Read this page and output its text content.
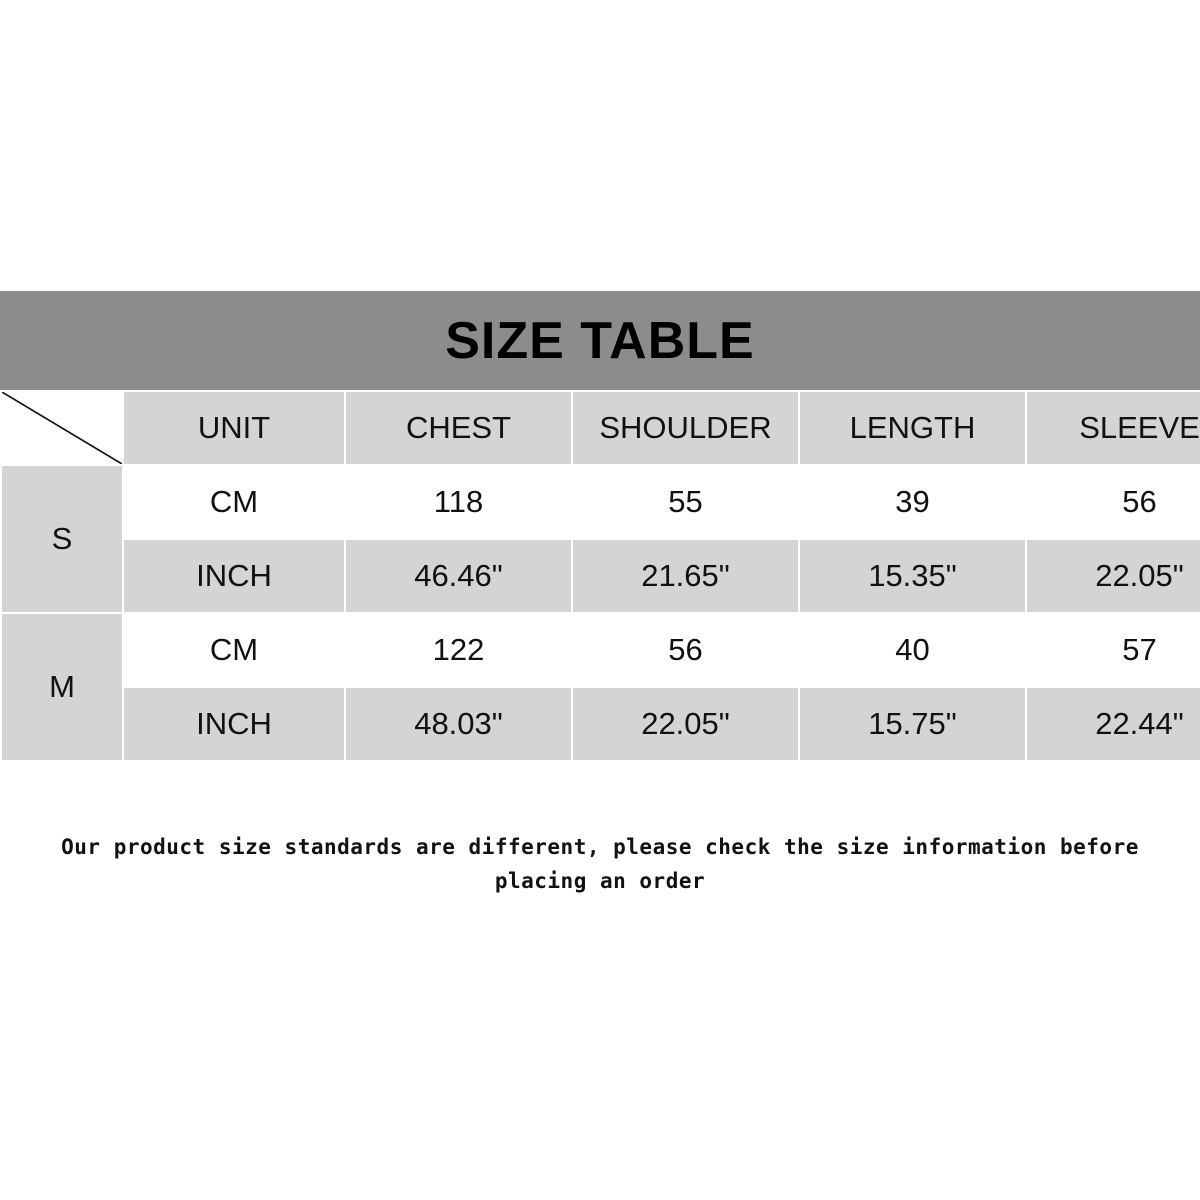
SIZE TABLE
	UNIT	CHEST	SHOULDER	LENGTH	SLEEVE
S	CM	118	55	39	56
	INCH	46.46"	21.65"	15.35"	22.05"
M	CM	122	56	40	57
	INCH	48.03"	22.05"	15.75"	22.44"
Our product size standards are different, please check the size information before
placing an order
